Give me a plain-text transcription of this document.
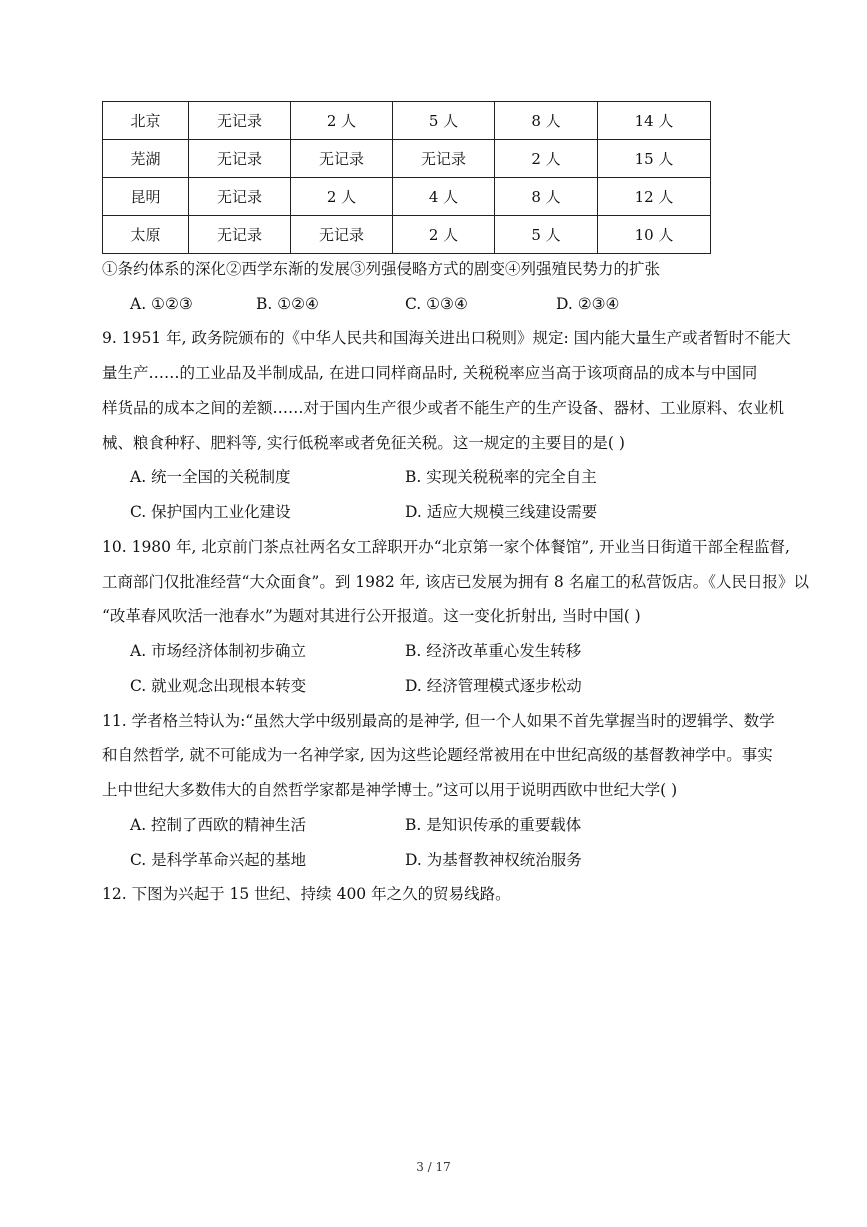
北京	无记录	2 人	5 人	8 人	14 人
芜湖	无记录	无记录	无记录	2 人	15 人
昆明	无记录	2 人	4 人	8 人	12 人
太原	无记录	无记录	2 人	5 人	10 人
①条约体系的深化②西学东渐的发展③列强侵略方式的剧变④列强殖民势力的扩张
A. ①②③	B. ①②④	C. ①③④	D. ②③④
9. 1951 年, 政务院颁布的《中华人民共和国海关进出口税则》规定: 国内能大量生产或者暂时不能大
量生产……的工业品及半制成品, 在进口同样商品时, 关税税率应当高于该项商品的成本与中国同
样货品的成本之间的差额……对于国内生产很少或者不能生产的生产设备、器材、工业原料、农业机
械、粮食种籽、肥料等, 实行低税率或者免征关税。这一规定的主要目的是( )
A. 统一全国的关税制度	B. 实现关税税率的完全自主
C. 保护国内工业化建设	D. 适应大规模三线建设需要
10. 1980 年, 北京前门茶点社两名女工辞职开办“北京第一家个体餐馆”, 开业当日街道干部全程监督,
工商部门仅批准经营“大众面食”。到 1982 年, 该店已发展为拥有 8 名雇工的私营饭店。《人民日报》以
“改革春风吹活一池春水”为题对其进行公开报道。这一变化折射出, 当时中国( )
A. 市场经济体制初步确立	B. 经济改革重心发生转移
C. 就业观念出现根本转变	D. 经济管理模式逐步松动
11. 学者格兰特认为:“虽然大学中级别最高的是神学, 但一个人如果不首先掌握当时的逻辑学、数学
和自然哲学, 就不可能成为一名神学家, 因为这些论题经常被用在中世纪高级的基督教神学中。事实
上中世纪大多数伟大的自然哲学家都是神学博士。”这可以用于说明西欧中世纪大学( )
A. 控制了西欧的精神生活	B. 是知识传承的重要载体
C. 是科学革命兴起的基地	D. 为基督教神权统治服务
12. 下图为兴起于 15 世纪、持续 400 年之久的贸易线路。
3 / 17
